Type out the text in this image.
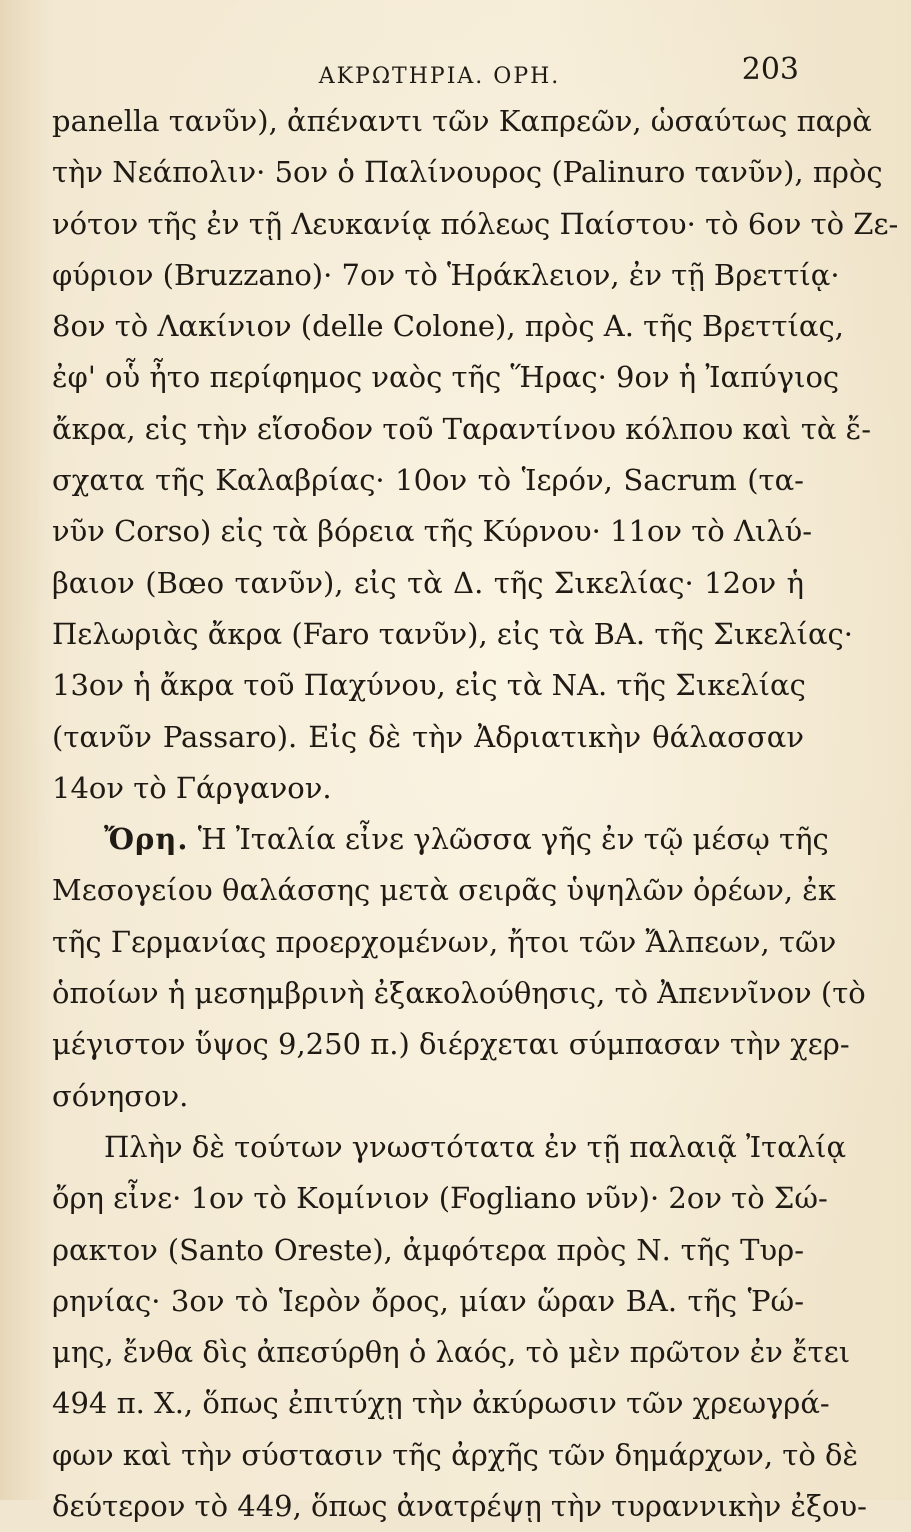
ΑΚΡΩΤΗΡΙΑ. ΟΡΗ.	203
panella τανῦν), ἀπέναντι τῶν Καπρεῶν, ὡσαύτως παρὰ
τὴν Νεάπολιν· 5ον ὁ Παλίνουρος (Palinuro τανῦν), πρὸς
νότον τῆς ἐν τῇ Λευκανίᾳ πόλεως Παίστου· τὸ 6ον τὸ Ζε-
φύριον (Bruzzano)· 7ον τὸ Ἡράκλειον, ἐν τῇ Βρεττίᾳ·
8ον τὸ Λακίνιον (delle Colone), πρὸς Α. τῆς Βρεττίας,
ἐφ' οὗ ἦτο περίφημος ναὸς τῆς Ἥρας· 9ον ἡ Ἰαπύγιος
ἄκρα, εἰς τὴν εἴσοδον τοῦ Ταραντίνου κόλπου καὶ τὰ ἔ-
σχατα τῆς Καλαβρίας· 10ον τὸ Ἱερόν, Sacrum (τα-
νῦν Corso) εἰς τὰ βόρεια τῆς Κύρνου· 11ον τὸ Λιλύ-
βαιον (Bœo τανῦν), εἰς τὰ Δ. τῆς Σικελίας· 12ον ἡ
Πελωριὰς ἄκρα (Faro τανῦν), εἰς τὰ ΒΑ. τῆς Σικελίας·
13ον ἡ ἄκρα τοῦ Παχύνου, εἰς τὰ ΝΑ. τῆς Σικελίας
(τανῦν Passaro). Εἰς δὲ τὴν Ἀδριατικὴν θάλασσαν
14ον τὸ Γάργανον.
Ὄρη. Ἡ Ἰταλία εἶνε γλῶσσα γῆς ἐν τῷ μέσῳ τῆς
Μεσογείου θαλάσσης μετὰ σειρᾶς ὑψηλῶν ὀρέων, ἐκ
τῆς Γερμανίας προερχομένων, ἤτοι τῶν Ἄλπεων, τῶν
ὁποίων ἡ μεσημβρινὴ ἐξακολούθησις, τὸ Ἀπεννῖνον (τὸ
μέγιστον ὕψος 9,250 π.) διέρχεται σύμπασαν τὴν χερ-
σόνησον.
Πλὴν δὲ τούτων γνωστότατα ἐν τῇ παλαιᾷ Ἰταλίᾳ
ὄρη εἶνε· 1ον τὸ Κομίνιον (Fogliano νῦν)· 2ον τὸ Σώ-
ρακτον (Santo Oreste), ἀμφότερα πρὸς Ν. τῆς Τυρ-
ρηνίας· 3ον τὸ Ἱερὸν ὄρος, μίαν ὥραν ΒΑ. τῆς Ῥώ-
μης, ἔνθα δὶς ἀπεσύρθη ὁ λαός, τὸ μὲν πρῶτον ἐν ἔτει
494 π. Χ., ὅπως ἐπιτύχῃ τὴν ἀκύρωσιν τῶν χρεωγρά-
φων καὶ τὴν σύστασιν τῆς ἀρχῆς τῶν δημάρχων, τὸ δὲ
δεύτερον τὸ 449, ὅπως ἀνατρέψῃ τὴν τυραννικὴν ἐξου-
